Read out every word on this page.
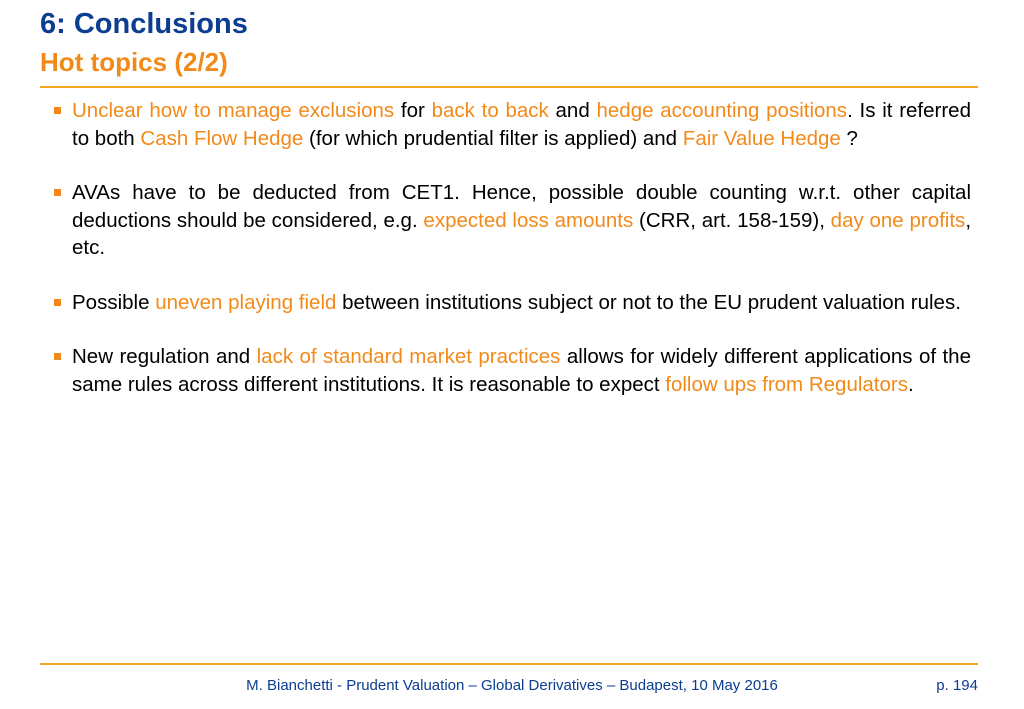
6: Conclusions
Hot topics (2/2)
Unclear how to manage exclusions for back to back and hedge accounting positions. Is it referred to both Cash Flow Hedge (for which prudential filter is applied) and Fair Value Hedge ?
AVAs have to be deducted from CET1. Hence, possible double counting w.r.t. other capital deductions should be considered, e.g. expected loss amounts (CRR, art. 158-159), day one profits, etc.
Possible uneven playing field between institutions subject or not to the EU prudent valuation rules.
New regulation and lack of standard market practices allows for widely different applications of the same rules across different institutions. It is reasonable to expect follow ups from Regulators.
M. Bianchetti - Prudent Valuation – Global Derivatives – Budapest, 10 May 2016	p. 194
